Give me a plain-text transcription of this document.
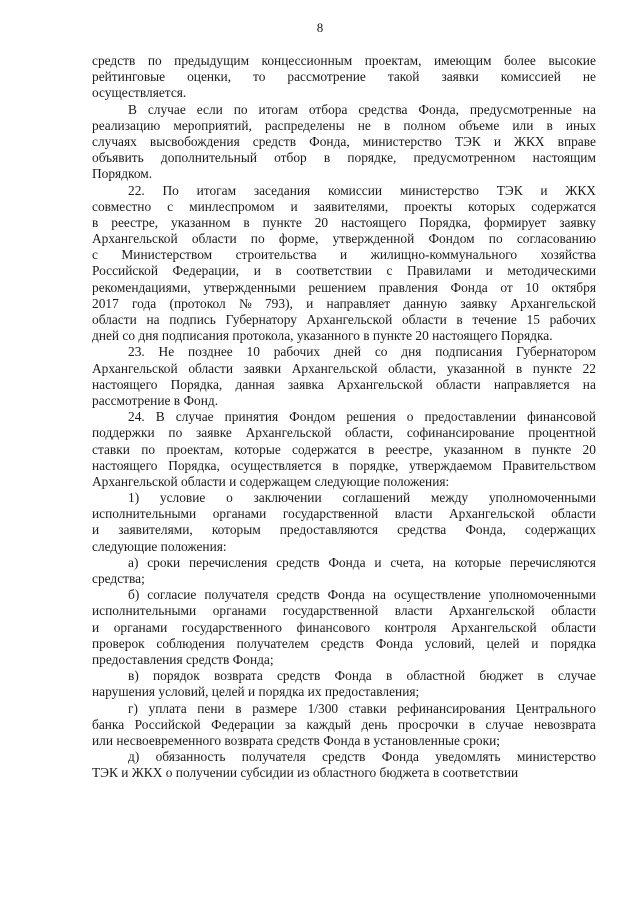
8
средств по предыдущим концессионным проектам, имеющим более высокие
рейтинговые оценки, то рассмотрение такой заявки комиссией не
осуществляется.
В случае если по итогам отбора средства Фонда, предусмотренные на
реализацию мероприятий, распределены не в полном объеме или в иных
случаях высвобождения средств Фонда, министерство ТЭК и ЖКХ вправе
объявить дополнительный отбор в порядке, предусмотренном настоящим
Порядком.
22. По итогам заседания комиссии министерство ТЭК и ЖКХ
совместно с минлеспромом и заявителями, проекты которых содержатся
в реестре, указанном в пункте 20 настоящего Порядка, формирует заявку
Архангельской области по форме, утвержденной Фондом по согласованию
с Министерством строительства и жилищно-коммунального хозяйства
Российской Федерации, и в соответствии с Правилами и методическими
рекомендациями, утвержденными решением правления Фонда от 10 октября
2017 года (протокол № 793), и направляет данную заявку Архангельской
области на подпись Губернатору Архангельской области в течение 15 рабочих
дней со дня подписания протокола, указанного в пункте 20 настоящего Порядка.
23. Не позднее 10 рабочих дней со дня подписания Губернатором
Архангельской области заявки Архангельской области, указанной в пункте 22
настоящего Порядка, данная заявка Архангельской области направляется на
рассмотрение в Фонд.
24. В случае принятия Фондом решения о предоставлении финансовой
поддержки по заявке Архангельской области, софинансирование процентной
ставки по проектам, которые содержатся в реестре, указанном в пункте 20
настоящего Порядка, осуществляется в порядке, утверждаемом Правительством
Архангельской области и содержащем следующие положения:
1) условие о заключении соглашений между уполномоченными
исполнительными органами государственной власти Архангельской области
и заявителями, которым предоставляются средства Фонда, содержащих
следующие положения:
а) сроки перечисления средств Фонда и счета, на которые перечисляются
средства;
б) согласие получателя средств Фонда на осуществление уполномоченными
исполнительными органами государственной власти Архангельской области
и органами государственного финансового контроля Архангельской области
проверок соблюдения получателем средств Фонда условий, целей и порядка
предоставления средств Фонда;
в) порядок возврата средств Фонда в областной бюджет в случае
нарушения условий, целей и порядка их предоставления;
г) уплата пени в размере 1/300 ставки рефинансирования Центрального
банка Российской Федерации за каждый день просрочки в случае невозврата
или несвоевременного возврата средств Фонда в установленные сроки;
д) обязанность получателя средств Фонда уведомлять министерство
ТЭК и ЖКХ о получении субсидии из областного бюджета в соответствии
